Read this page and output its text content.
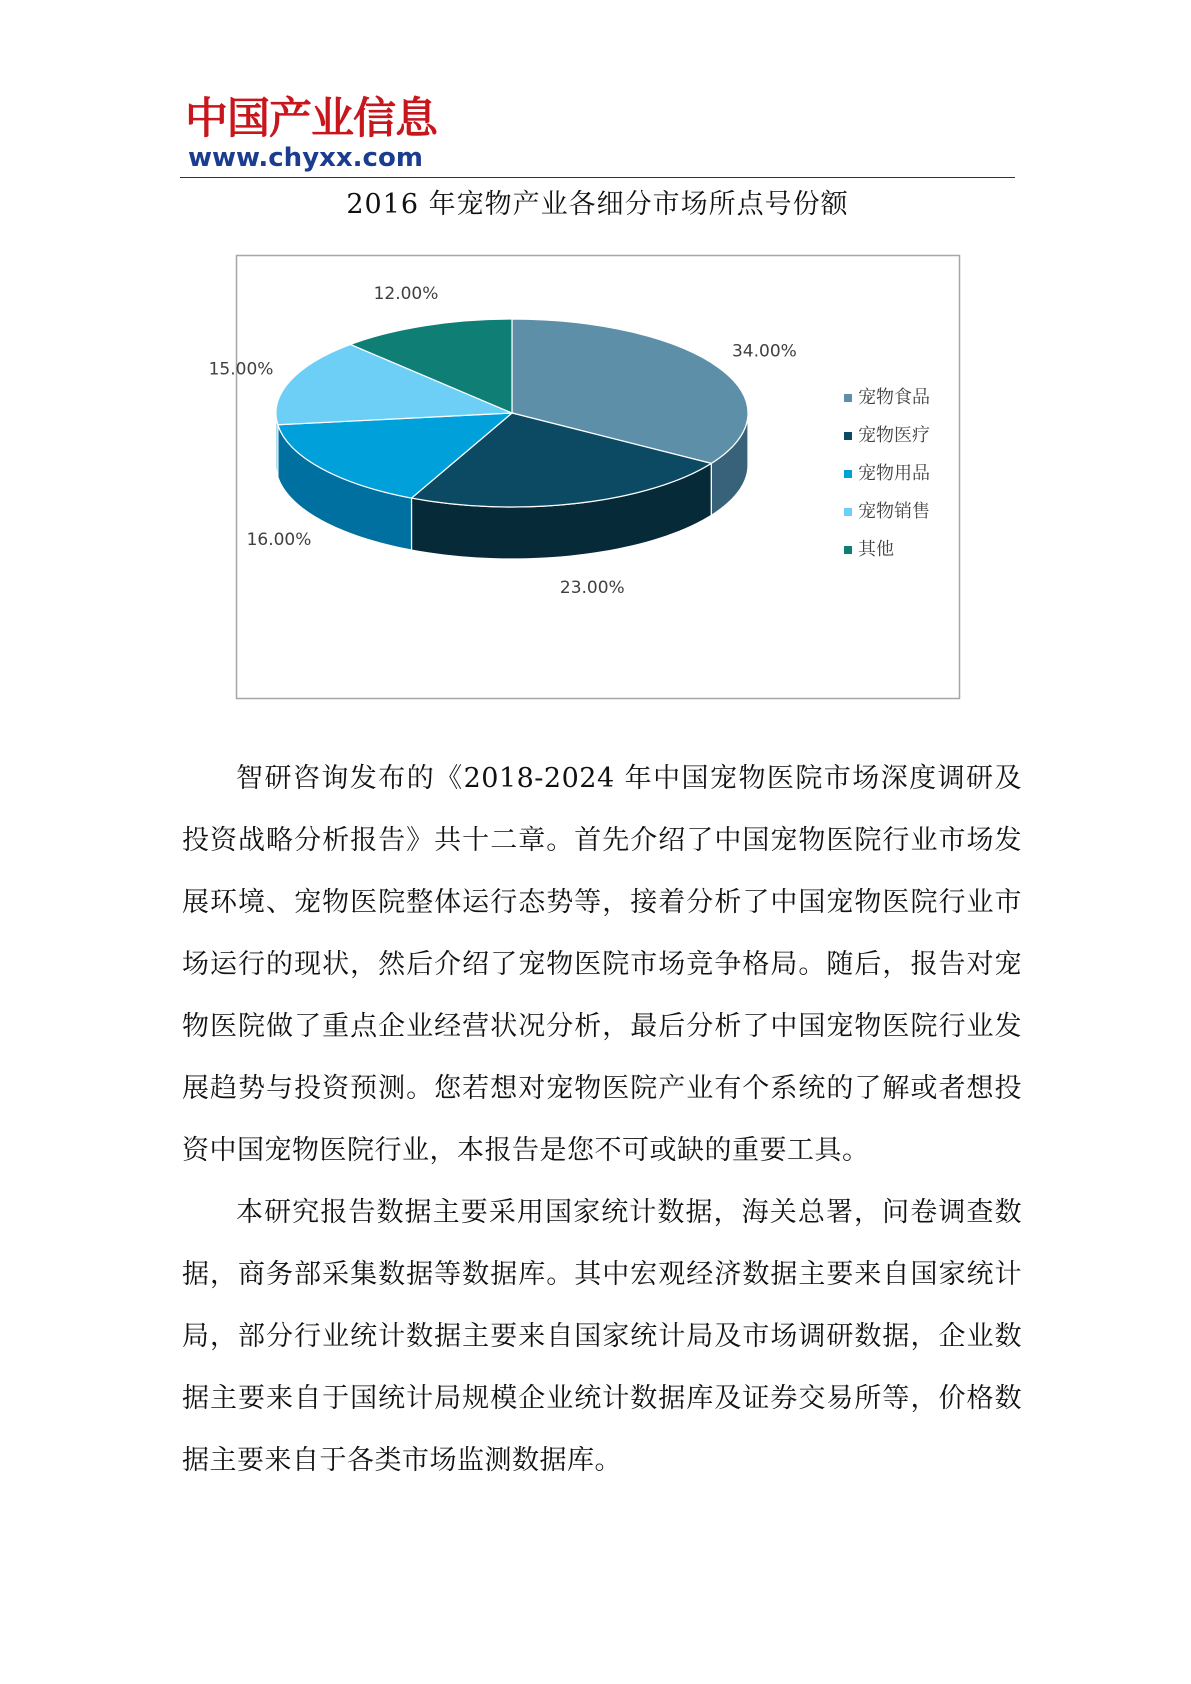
中国产业信息
www.chyxx.com
2016 年宠物产业各细分市场所点号份额
34.00%
23.00%
16.00%
15.00%
12.00%
宠物食品
宠物医疗
宠物用品
宠物销售
其他

智研咨询发布的《2018-2024 年中国宠物医院市场深度调研及投资战略分析报告》共十二章。首先介绍了中国宠物医院行业市场发展环境、宠物医院整体运行态势等，接着分析了中国宠物医院行业市场运行的现状，然后介绍了宠物医院市场竞争格局。随后，报告对宠物医院做了重点企业经营状况分析，最后分析了中国宠物医院行业发展趋势与投资预测。您若想对宠物医院产业有个系统的了解或者想投资中国宠物医院行业，本报告是您不可或缺的重要工具。

本研究报告数据主要采用国家统计数据，海关总署，问卷调查数据，商务部采集数据等数据库。其中宏观经济数据主要来自国家统计局，部分行业统计数据主要来自国家统计局及市场调研数据，企业数据主要来自于国统计局规模企业统计数据库及证券交易所等，价格数据主要来自于各类市场监测数据库。
